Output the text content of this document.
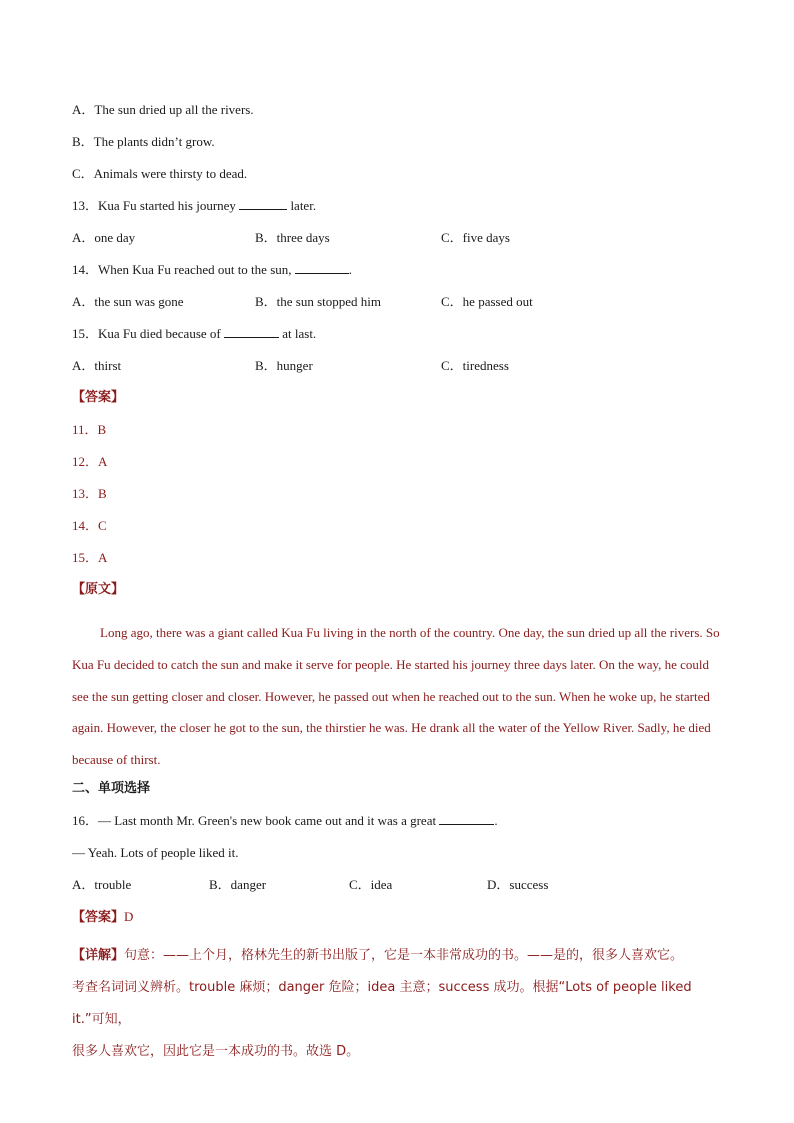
A．The sun dried up all the rivers.
B．The plants didn’t grow.
C．Animals were thirsty to dead.
13．Kua Fu started his journey	later.
A．one day	B．three days	C．five days
14．When Kua Fu reached out to the sun,	.
A．the sun was gone	B．the sun stopped him	C．he passed out
15．Kua Fu died because of	at last.
A．thirst	B．hunger	C．tiredness
【答案】
11．B
12．A
13．B
14．C
15．A
【原文】

Long ago, there was a giant called Kua Fu living in the north of the country. One day, the sun dried up all the rivers. So Kua Fu decided to catch the sun and make it serve for people. He started his journey three days later. On the way, he could see the sun getting closer and closer. However, he passed out when he reached out to the sun. When he woke up, he started again. However, the closer he got to the sun, the thirstier he was. He drank all the water of the Yellow River. Sadly, he died because of thirst.

二、单项选择
16．— Last month Mr. Green's new book came out and it was a great	.
— Yeah. Lots of people liked it.
A．trouble	B．danger	C．idea	D．success
【答案】D

【详解】句意：——上个月，格林先生的新书出版了，它是一本非常成功的书。——是的，很多人喜欢它。

考查名词词义辨析。trouble 麻烦；danger 危险；idea 主意；success 成功。根据“Lots of people liked it.”可知，

很多人喜欢它，因此它是一本成功的书。故选 D。
